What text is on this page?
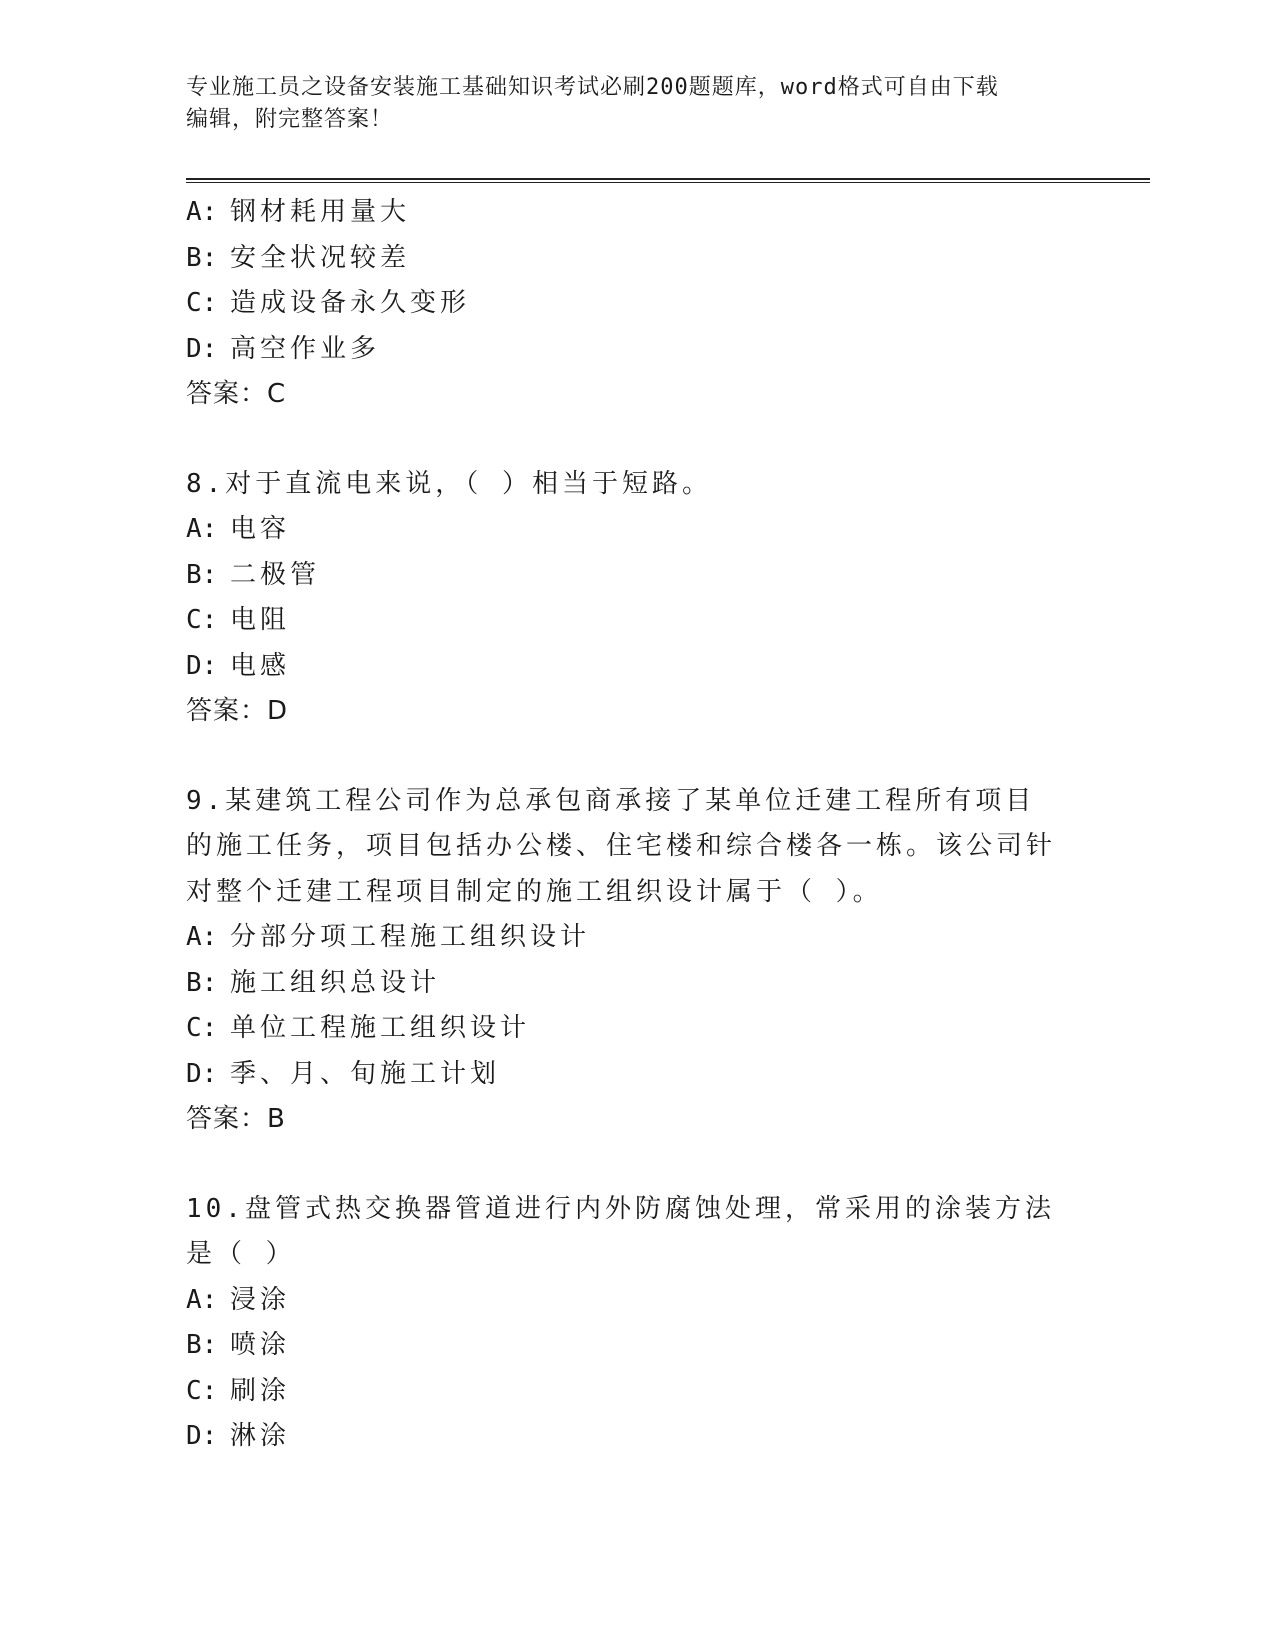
专业施工员之设备安装施工基础知识考试必刷200题题库，word格式可自由下载
编辑，附完整答案！
A: 钢材耗用量大
B: 安全状况较差
C: 造成设备永久变形
D: 高空作业多
答案：C
8.对于直流电来说，（ ）相当于短路。
A: 电容
B: 二极管
C: 电阻
D: 电感
答案：D
9.某建筑工程公司作为总承包商承接了某单位迁建工程所有项目的施工任务，项目包括办公楼、住宅楼和综合楼各一栋。该公司针对整个迁建工程项目制定的施工组织设计属于（ ）。
A: 分部分项工程施工组织设计
B: 施工组织总设计
C: 单位工程施工组织设计
D: 季、月、旬施工计划
答案：B
10.盘管式热交换器管道进行内外防腐蚀处理，常采用的涂装方法是（ ）
A: 浸涂
B: 喷涂
C: 刷涂
D: 淋涂
